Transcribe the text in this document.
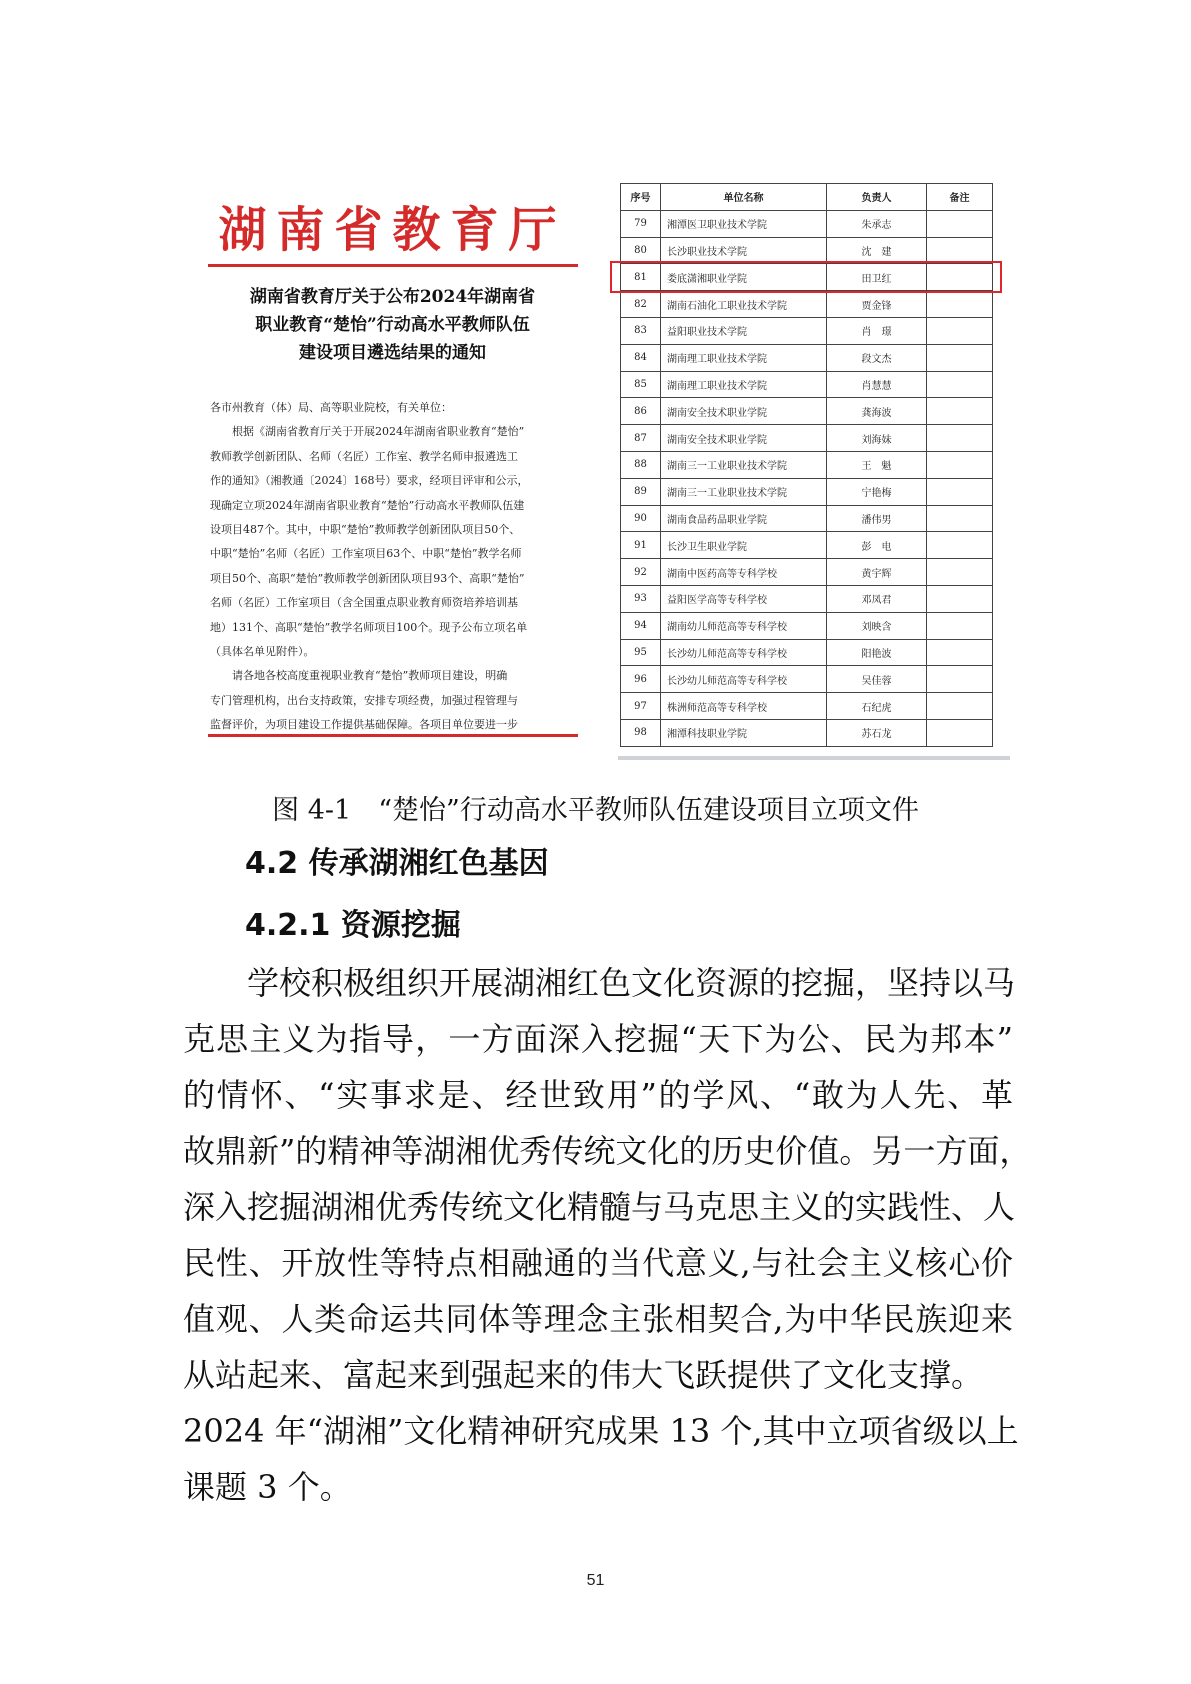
湖南省教育厅
湖南省教育厅关于公布2024年湖南省
职业教育“楚怡”行动高水平教师队伍
建设项目遴选结果的通知

各市州教育（体）局、高等职业院校，有关单位：

根据《湖南省教育厅关于开展2024年湖南省职业教育“楚怡”

教师教学创新团队、名师（名匠）工作室、教学名师申报遴选工

作的通知》（湘教通〔2024〕168号）要求，经项目评审和公示，

现确定立项2024年湖南省职业教育“楚怡”行动高水平教师队伍建

设项目487个。其中，中职“楚怡”教师教学创新团队项目50个、

中职“楚怡”名师（名匠）工作室项目63个、中职“楚怡”教学名师

项目50个、高职“楚怡”教师教学创新团队项目93个、高职“楚怡”

名师（名匠）工作室项目（含全国重点职业教育师资培养培训基

地）131个、高职“楚怡”教学名师项目100个。现予公布立项名单

（具体名单见附件）。

请各地各校高度重视职业教育“楚怡”教师项目建设，明确

专门管理机构，出台支持政策，安排专项经费，加强过程管理与

监督评价，为项目建设工作提供基础保障。各项目单位要进一步

序号	单位名称	负责人	备注
79	湘潭医卫职业技术学院	朱承志	
80	长沙职业技术学院	沈　建	
81	娄底潇湘职业学院	田卫红	
82	湖南石油化工职业技术学院	贾金锋	
83	益阳职业技术学院	肖　璟	
84	湖南理工职业技术学院	段文杰	
85	湖南理工职业技术学院	肖慧慧	
86	湖南安全技术职业学院	龚海波	
87	湖南安全技术职业学院	刘海妹	
88	湖南三一工业职业技术学院	王　魁	
89	湖南三一工业职业技术学院	宁艳梅	
90	湖南食品药品职业学院	潘伟男	
91	长沙卫生职业学院	彭　电	
92	湖南中医药高等专科学校	黄宇辉	
93	益阳医学高等专科学校	邓凤君	
94	湖南幼儿师范高等专科学校	刘映含	
95	长沙幼儿师范高等专科学校	阳艳波	
96	长沙幼儿师范高等专科学校	吴佳蓉	
97	株洲师范高等专科学校	石纪虎	
98	湘潭科技职业学院	苏石龙	
图 4-1　“楚怡”行动高水平教师队伍建设项目立项文件
4.2 传承湖湘红色基因
4.2.1 资源挖掘
学校积极组织开展湖湘红色文化资源的挖掘，坚持以马
克思主义为指导，一方面深入挖掘“天下为公、民为邦本”
的情怀、“实事求是、经世致用”的学风、“敢为人先、革
故鼎新”的精神等湖湘优秀传统文化的历史价值。另一方面，
深入挖掘湖湘优秀传统文化精髓与马克思主义的实践性、人
民性、开放性等特点相融通的当代意义,与社会主义核心价
值观、人类命运共同体等理念主张相契合,为中华民族迎来
从站起来、富起来到强起来的伟大飞跃提供了文化支撑。
2024 年“湖湘”文化精神研究成果 13 个,其中立项省级以上
课题 3 个。
51
